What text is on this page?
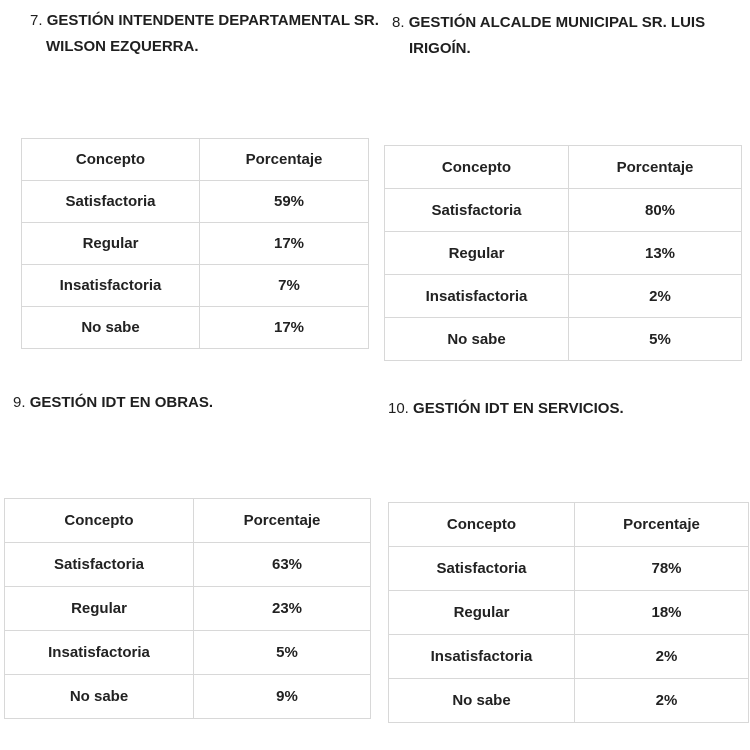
7. GESTIÓN INTENDENTE DEPARTAMENTAL SR.
WILSON EZQUERRA.
Concepto	Porcentaje
Satisfactoria	59%
Regular	17%
Insatisfactoria	7%
No sabe	17%
8. GESTIÓN ALCALDE MUNICIPAL SR. LUIS
IRIGOÍN.
Concepto	Porcentaje
Satisfactoria	80%
Regular	13%
Insatisfactoria	2%
No sabe	5%
9. GESTIÓN IDT EN OBRAS.
Concepto	Porcentaje
Satisfactoria	63%
Regular	23%
Insatisfactoria	5%
No sabe	9%
10. GESTIÓN IDT EN SERVICIOS.
Concepto	Porcentaje
Satisfactoria	78%
Regular	18%
Insatisfactoria	2%
No sabe	2%
